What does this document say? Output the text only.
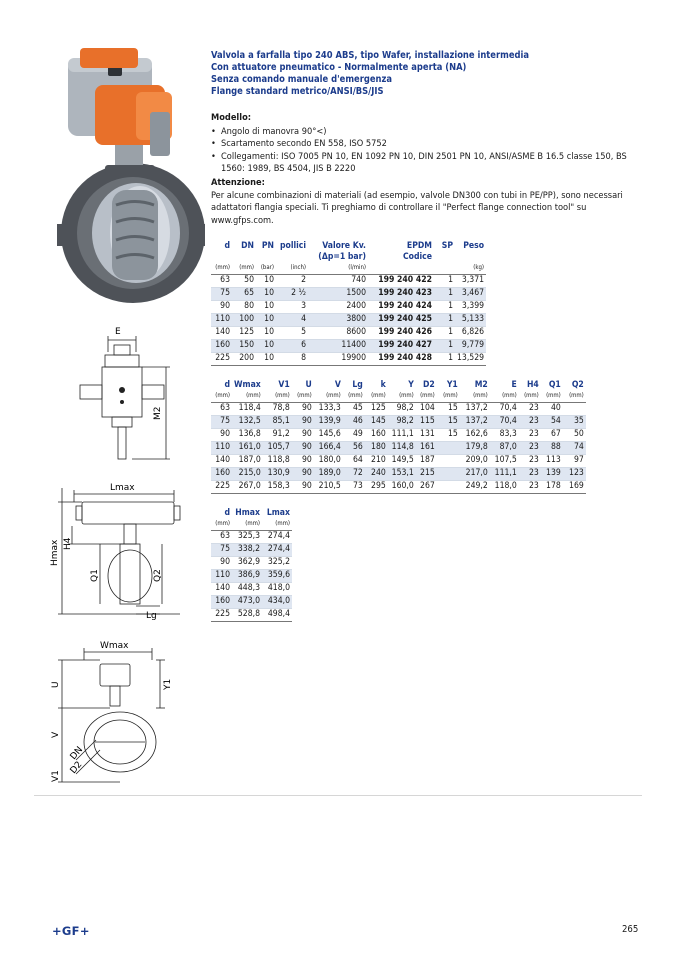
E
M2
Lmax
Hmax H4
Q1	Q2
Lg
Wmax
U
V
V1
Y1
DN
D2
Valvola a farfalla tipo 240 ABS, tipo Wafer, installazione intermedia
Con attuatore pneumatico - Normalmente aperta (NA)
Senza comando manuale d'emergenza
Flange standard metrico/ANSI/BS/JIS
Modello:
• Angolo di manovra 90°<)
• Scartamento secondo EN 558, ISO 5752
• Collegamenti: ISO 7005 PN 10, EN 1092 PN 10, DIN 2501 PN 10, ANSI/ASME B 16.5 classe 150, BS 1560: 1989, BS 4504, JIS B 2220
Attenzione:
Per alcune combinazioni di materiali (ad esempio, valvole DN300 con tubi in PE/PP), sono necessari adattatori flangia speciali. Ti preghiamo di controllare il "Perfect flange connection tool" su www.gfps.com.
d	DN	PN	pollici	Valore Kv.	EPDM	SP	Peso
				(Δp=1 bar)	Codice		
(mm)	(mm)	(bar)	(inch)	(l/min)			(kg)
63	50	10	2	740	199 240 422	1	3,371
75	65	10	2 ½	1500	199 240 423	1	3,467
90	80	10	3	2400	199 240 424	1	3,399
110	100	10	4	3800	199 240 425	1	5,133
140	125	10	5	8600	199 240 426	1	6,826
160	150	10	6	11400	199 240 427	1	9,779
225	200	10	8	19900	199 240 428	1	13,529
d	Wmax	V1	U	V	Lg	k	Y	D2	Y1	M2	E	H4	Q1	Q2
(mm)	(mm)	(mm)	(mm)	(mm)	(mm)	(mm)	(mm)	(mm)	(mm)	(mm)	(mm)	(mm)	(mm)	(mm)
63	118,4	78,8	90	133,3	45	125	98,2	104	15	137,2	70,4	23	40	
75	132,5	85,1	90	139,9	46	145	98,2	115	15	137,2	70,4	23	54	35
90	136,8	91,2	90	145,6	49	160	111,1	131	15	162,6	83,3	23	67	50
110	161,0	105,7	90	166,4	56	180	114,8	161		179,8	87,0	23	88	74
140	187,0	118,8	90	180,0	64	210	149,5	187		209,0	107,5	23	113	97
160	215,0	130,9	90	189,0	72	240	153,1	215		217,0	111,1	23	139	123
225	267,0	158,3	90	210,5	73	295	160,0	267		249,2	118,0	23	178	169
d	Hmax	Lmax
(mm)	(mm)	(mm)
63	325,3	274,4
75	338,2	274,4
90	362,9	325,2
110	386,9	359,6
140	448,3	418,0
160	473,0	434,0
225	528,8	498,4
+GF+	265
